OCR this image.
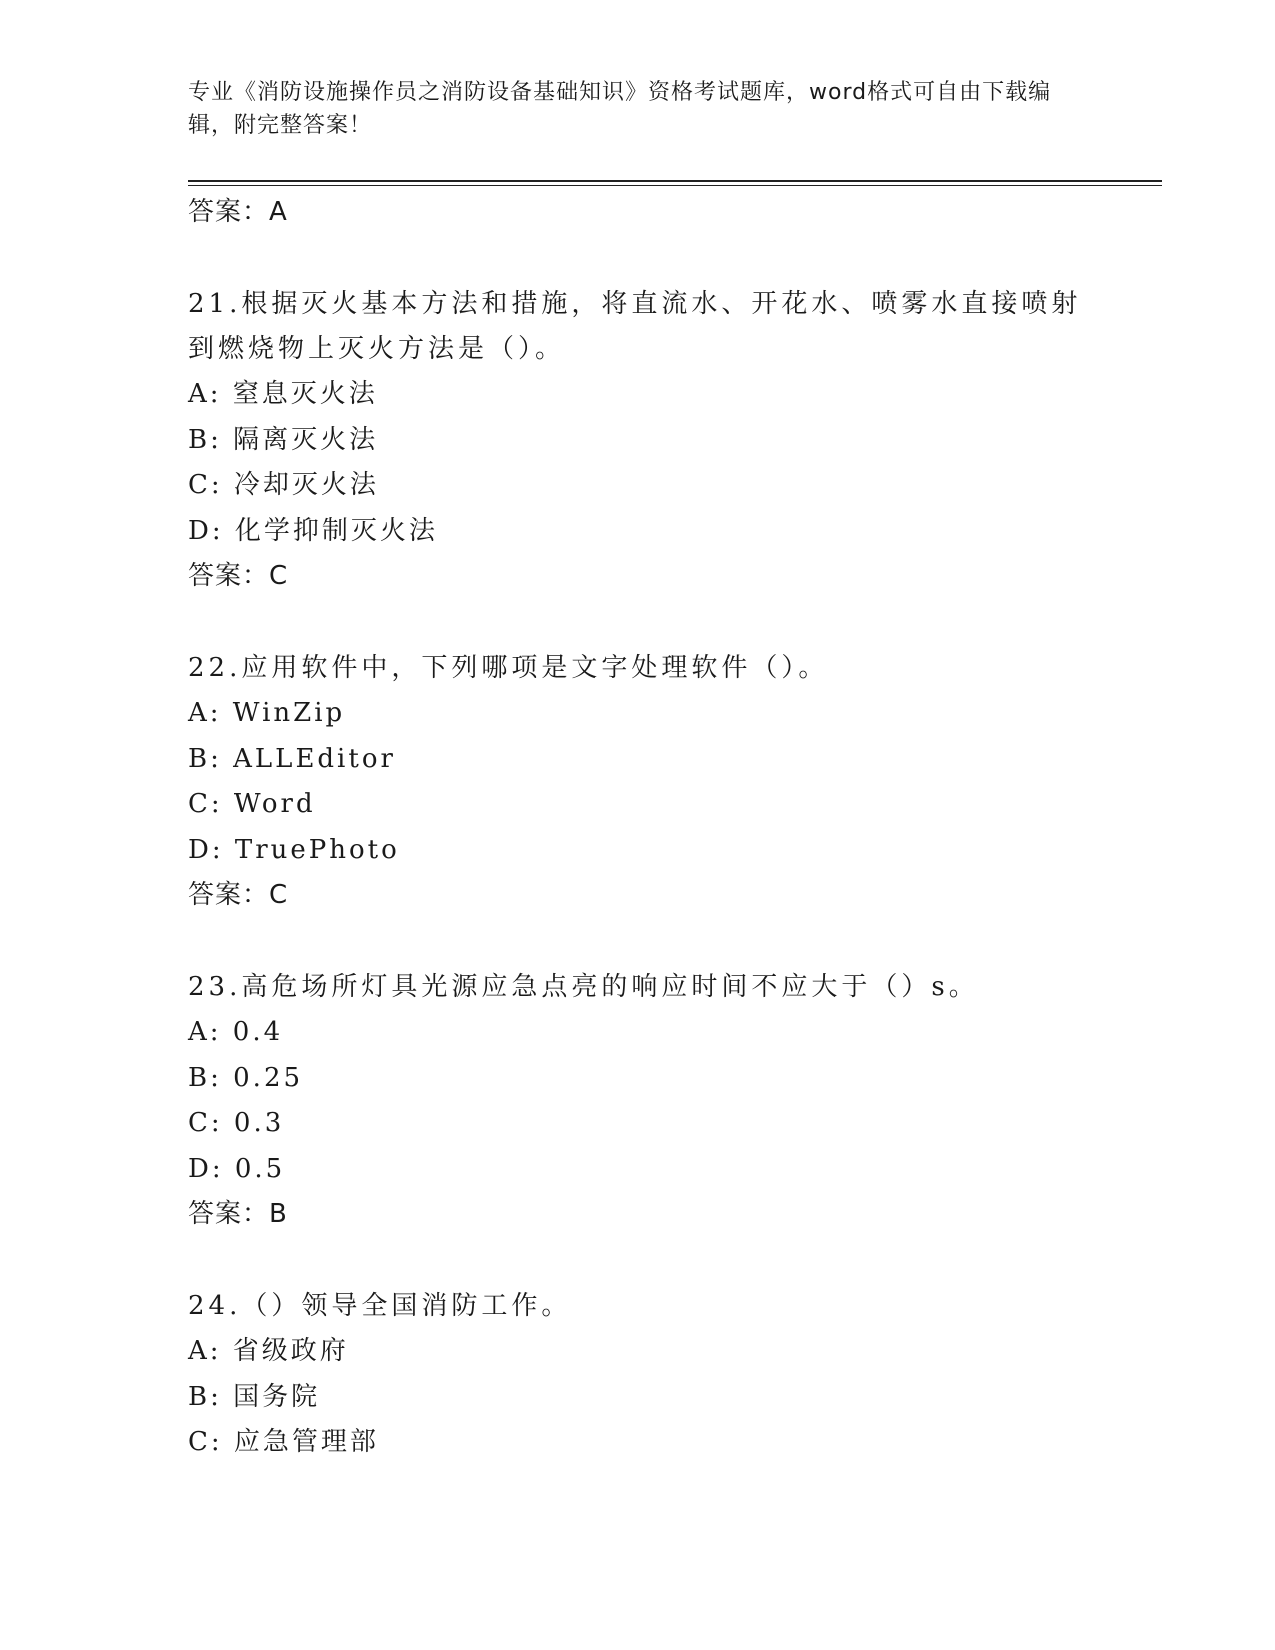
专业《消防设施操作员之消防设备基础知识》资格考试题库，word格式可自由下载编辑，附完整答案！
答案：A
21.根据灭火基本方法和措施，将直流水、开花水、喷雾水直接喷射到燃烧物上灭火方法是（）。
A: 窒息灭火法
B: 隔离灭火法
C: 冷却灭火法
D: 化学抑制灭火法
答案：C
22.应用软件中，下列哪项是文字处理软件（）。
A: WinZip
B: ALLEditor
C: Word
D: TruePhoto
答案：C
23.高危场所灯具光源应急点亮的响应时间不应大于（）s。
A: 0.4
B: 0.25
C: 0.3
D: 0.5
答案：B
24.（）领导全国消防工作。
A: 省级政府
B: 国务院
C: 应急管理部
